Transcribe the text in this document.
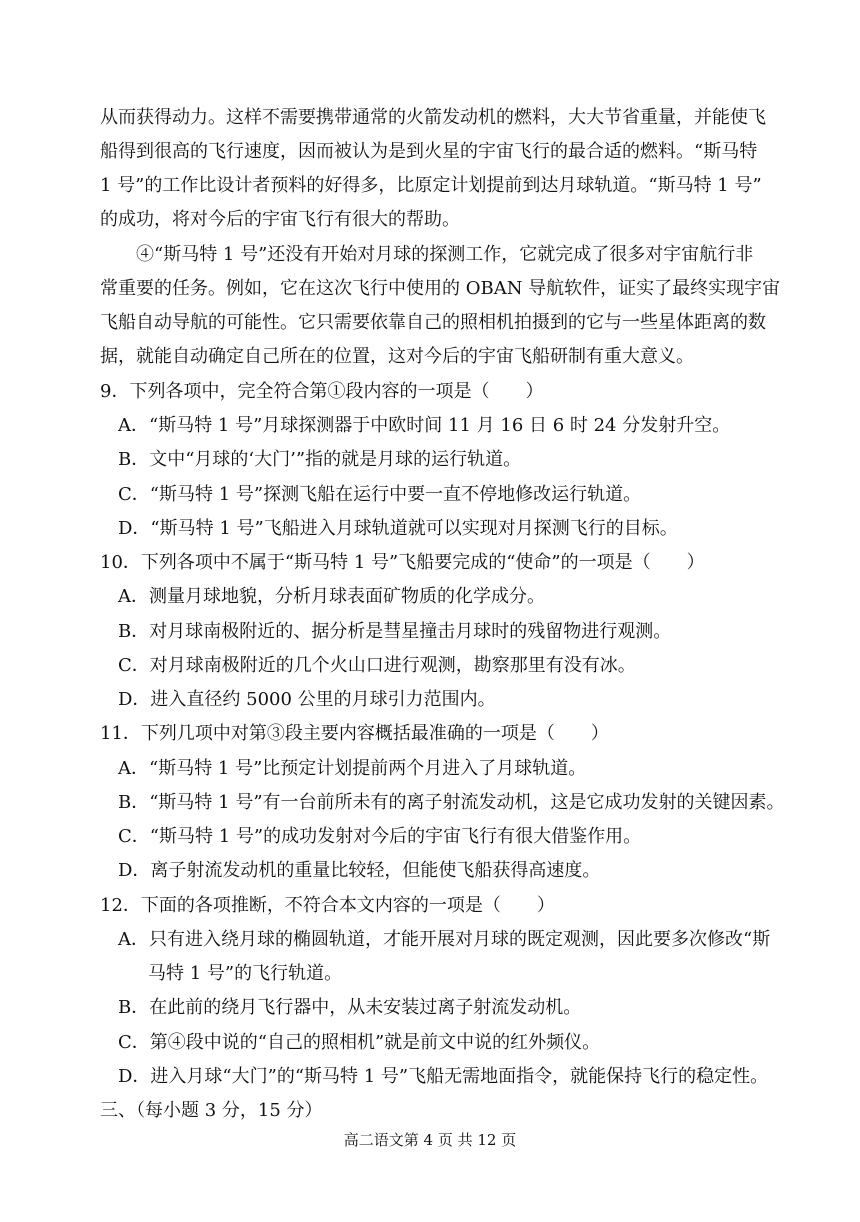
从而获得动力。这样不需要携带通常的火箭发动机的燃料，大大节省重量，并能使飞
船得到很高的飞行速度，因而被认为是到火星的宇宙飞行的最合适的燃料。“斯马特
1 号”的工作比设计者预料的好得多，比原定计划提前到达月球轨道。“斯马特 1 号”
的成功，将对今后的宇宙飞行有很大的帮助。
④“斯马特 1 号”还没有开始对月球的探测工作，它就完成了很多对宇宙航行非
常重要的任务。例如，它在这次飞行中使用的 OBAN 导航软件，证实了最终实现宇宙
飞船自动导航的可能性。它只需要依靠自己的照相机拍摄到的它与一些星体距离的数
据，就能自动确定自己所在的位置，这对今后的宇宙飞船研制有重大意义。
9．下列各项中，完全符合第①段内容的一项是（　　）
A．“斯马特 1 号”月球探测器于中欧时间 11 月 16 日 6 时 24 分发射升空。
B．文中“月球的‘大门’”指的就是月球的运行轨道。
C．“斯马特 1 号”探测飞船在运行中要一直不停地修改运行轨道。
D．“斯马特 1 号”飞船进入月球轨道就可以实现对月探测飞行的目标。
10．下列各项中不属于“斯马特 1 号”飞船要完成的“使命”的一项是（　　）
A．测量月球地貌，分析月球表面矿物质的化学成分。
B．对月球南极附近的、据分析是彗星撞击月球时的残留物进行观测。
C．对月球南极附近的几个火山口进行观测，勘察那里有没有冰。
D．进入直径约 5000 公里的月球引力范围内。
11．下列几项中对第③段主要内容概括最准确的一项是（　　）
A．“斯马特 1 号”比预定计划提前两个月进入了月球轨道。
B．“斯马特 1 号”有一台前所未有的离子射流发动机，这是它成功发射的关键因素。
C．“斯马特 1 号”的成功发射对今后的宇宙飞行有很大借鉴作用。
D．离子射流发动机的重量比较轻，但能使飞船获得高速度。
12．下面的各项推断，不符合本文内容的一项是（　　）
A．只有进入绕月球的椭圆轨道，才能开展对月球的既定观测，因此要多次修改“斯
马特 1 号”的飞行轨道。
B．在此前的绕月飞行器中，从未安装过离子射流发动机。
C．第④段中说的“自己的照相机”就是前文中说的红外频仪。
D．进入月球“大门”的“斯马特 1 号”飞船无需地面指令，就能保持飞行的稳定性。
三、（每小题 3 分，15 分）
高二语文第 4 页 共 12 页
